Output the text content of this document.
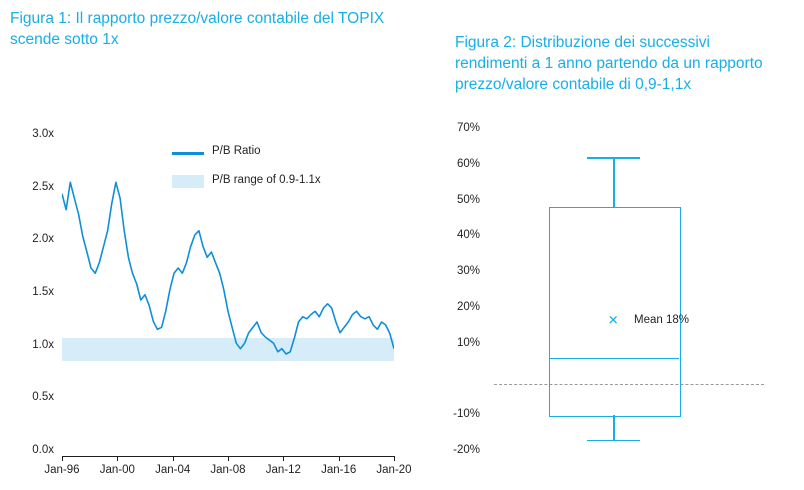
Figura 1: Il rapporto prezzo/valore contabile del TOPIX scende sotto 1x
3.0x
2.5x
2.0x
1.5x
1.0x
0.5x
0.0x
P/B Ratio
P/B range of 0.9-1.1x
Jan-96 Jan-00 Jan-04 Jan-08 Jan-12 Jan-16 Jan-20
Figura 2: Distribuzione dei successivi rendimenti a 1 anno partendo da un rapporto prezzo/valore contabile di 0,9-1,1x
70%
60%
50%
40%
30%
20%
10%
-10%
-20%
✕ Mean 18%
